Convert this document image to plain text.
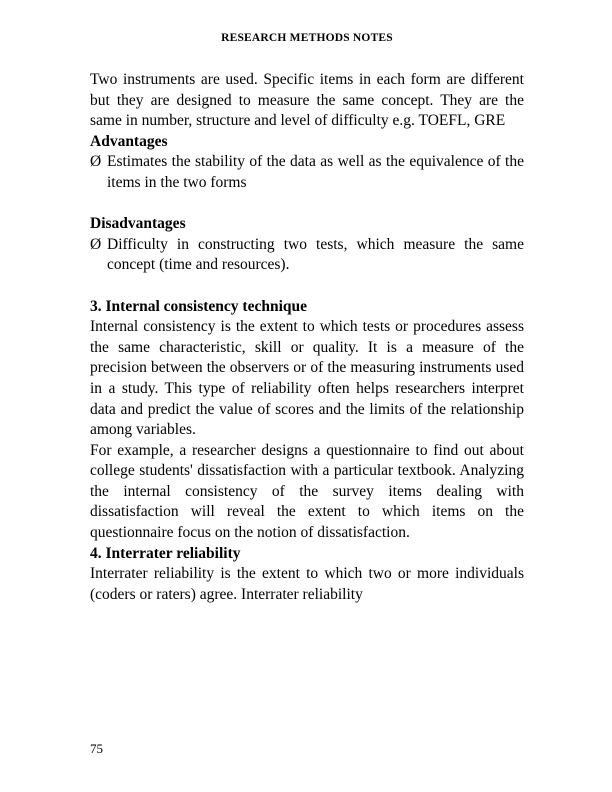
RESEARCH METHODS NOTES

Two instruments are used. Specific items in each form are different but they are designed to measure the same concept. They are the same in number, structure and level of difficulty e.g. TOEFL, GRE

Advantages

Ø Estimates the stability of the data as well as the equivalence of the items in the two forms

Disadvantages

Ø Difficulty in constructing two tests, which measure the same concept (time and resources).

3. Internal consistency technique

Internal consistency is the extent to which tests or procedures assess the same characteristic, skill or quality. It is a measure of the precision between the observers or of the measuring instruments used in a study. This type of reliability often helps researchers interpret data and predict the value of scores and the limits of the relationship among variables.

For example, a researcher designs a questionnaire to find out about college students' dissatisfaction with a particular textbook. Analyzing the internal consistency of the survey items dealing with dissatisfaction will reveal the extent to which items on the questionnaire focus on the notion of dissatisfaction.

4. Interrater reliability

Interrater reliability is the extent to which two or more individuals (coders or raters) agree. Interrater reliability

75
